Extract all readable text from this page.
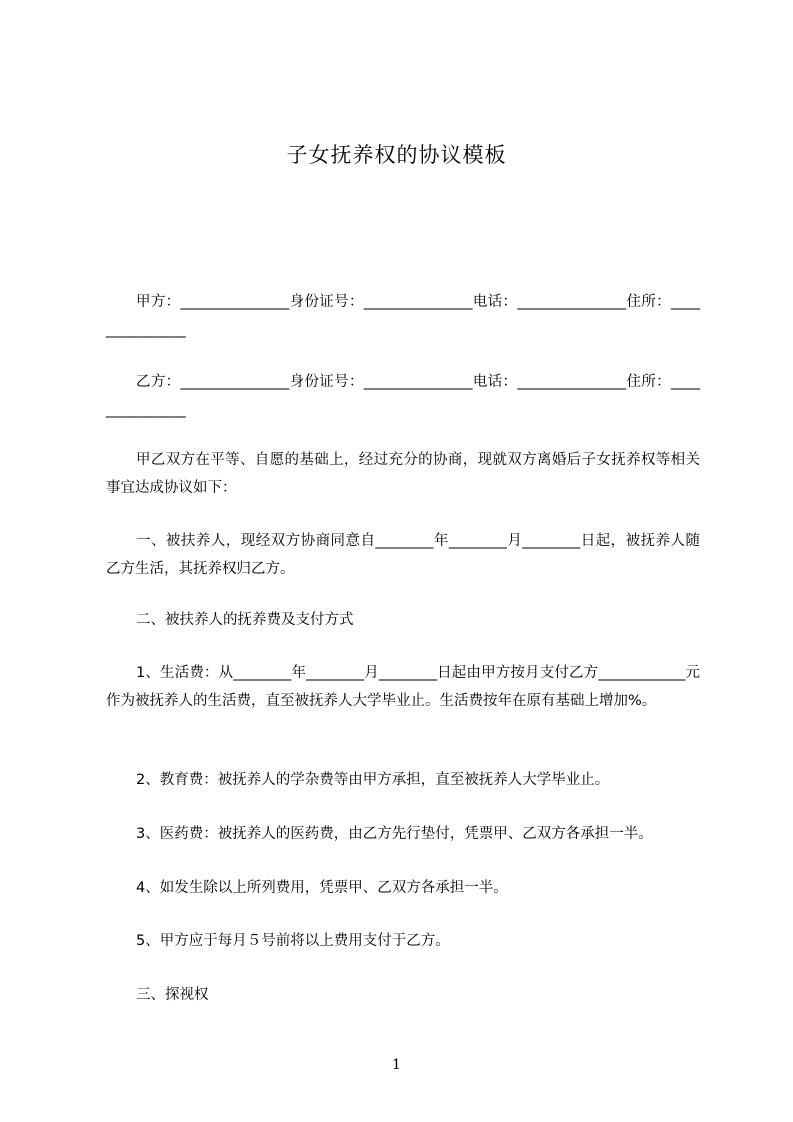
子女抚养权的协议模板
甲方：_______________身份证号：_______________电话：_______________住所：_______________
乙方：_______________身份证号：_______________电话：_______________住所：_______________
甲乙双方在平等、自愿的基础上，经过充分的协商，现就双方离婚后子女抚养权等相关事宜达成协议如下：
一、被扶养人，现经双方协商同意自________年________月________日起，被抚养人随乙方生活，其抚养权归乙方。
二、被扶养人的抚养费及支付方式
1、生活费：从________年________月________日起由甲方按月支付乙方____________元作为被抚养人的生活费，直至被抚养人大学毕业止。生活费按年在原有基础上增加%。
2、教育费：被抚养人的学杂费等由甲方承担，直至被抚养人大学毕业止。
3、医药费：被抚养人的医药费，由乙方先行垫付，凭票甲、乙双方各承担一半。
4、如发生除以上所列费用，凭票甲、乙双方各承担一半。
5、甲方应于每月５号前将以上费用支付于乙方。
三、探视权
1
